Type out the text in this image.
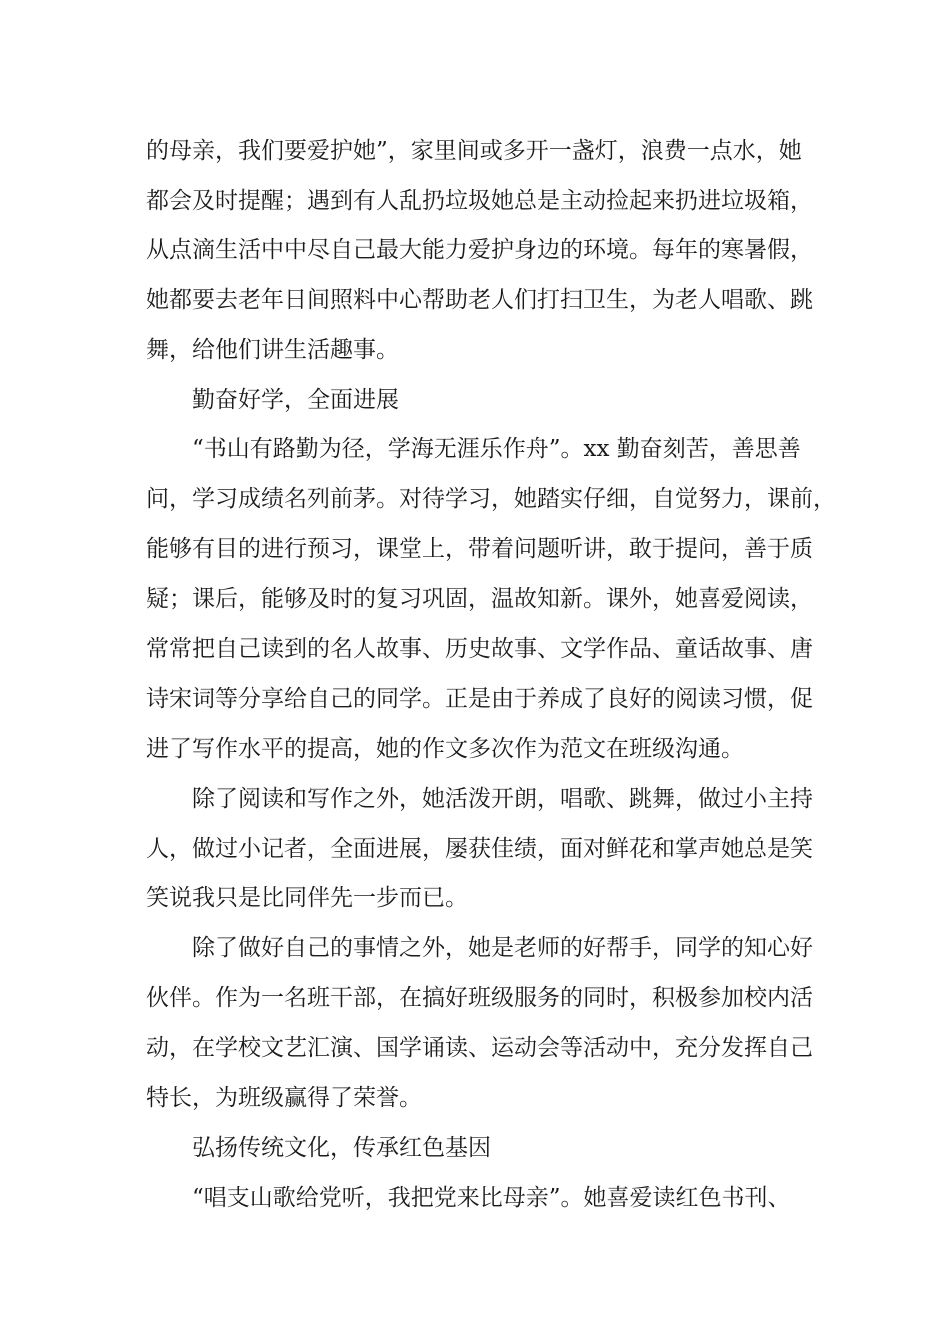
的母亲，我们要爱护她”，家里间或多开一盏灯，浪费一点水，她
都会及时提醒；遇到有人乱扔垃圾她总是主动捡起来扔进垃圾箱，
从点滴生活中中尽自己最大能力爱护身边的环境。每年的寒暑假，
她都要去老年日间照料中心帮助老人们打扫卫生，为老人唱歌、跳
舞，给他们讲生活趣事。
勤奋好学，全面进展
“书山有路勤为径，学海无涯乐作舟”。xx 勤奋刻苦，善思善
问，学习成绩名列前茅。对待学习，她踏实仔细，自觉努力，课前，
能够有目的进行预习，课堂上，带着问题听讲，敢于提问，善于质
疑；课后，能够及时的复习巩固，温故知新。课外，她喜爱阅读，
常常把自己读到的名人故事、历史故事、文学作品、童话故事、唐
诗宋词等分享给自己的同学。正是由于养成了良好的阅读习惯，促
进了写作水平的提高，她的作文多次作为范文在班级沟通。
除了阅读和写作之外，她活泼开朗，唱歌、跳舞，做过小主持
人，做过小记者，全面进展，屡获佳绩，面对鲜花和掌声她总是笑
笑说我只是比同伴先一步而已。
除了做好自己的事情之外，她是老师的好帮手，同学的知心好
伙伴。作为一名班干部，在搞好班级服务的同时，积极参加校内活
动，在学校文艺汇演、国学诵读、运动会等活动中，充分发挥自己
特长，为班级赢得了荣誉。
弘扬传统文化，传承红色基因
“唱支山歌给党听，我把党来比母亲”。她喜爱读红色书刊、
